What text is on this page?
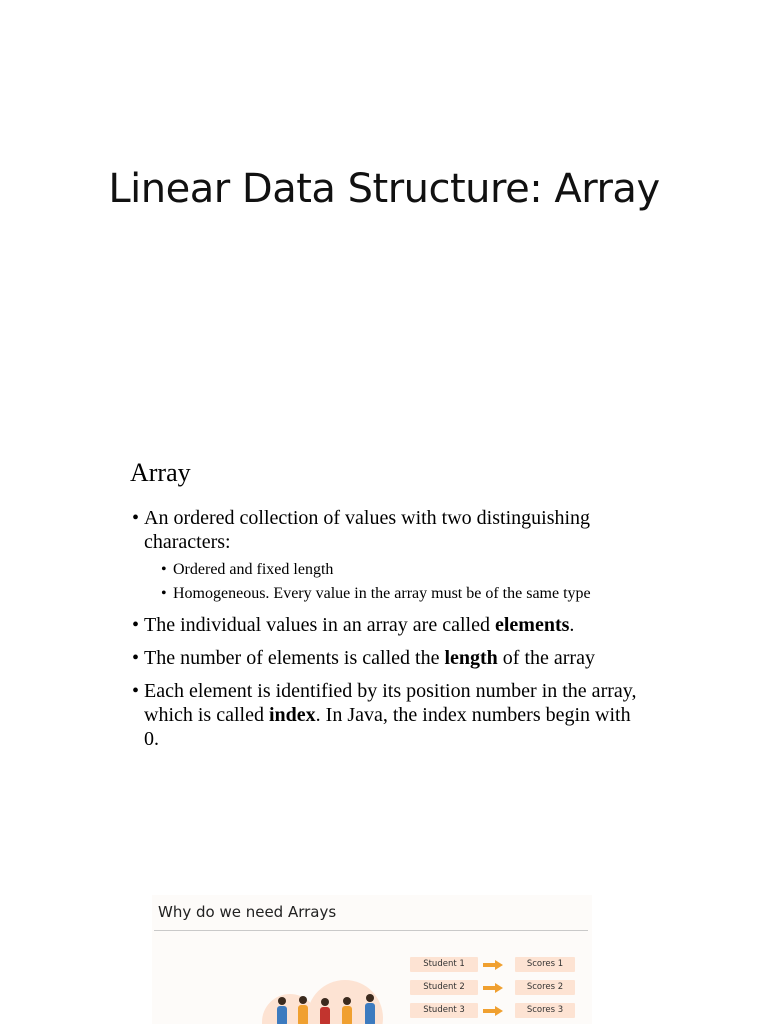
Linear Data Structure: Array
Array
• An ordered collection of values with two distinguishing characters:
• Ordered and fixed length
• Homogeneous. Every value in the array must be of the same type
• The individual values in an array are called elements.
• The number of elements is called the length of the array
• Each element is identified by its position number in the array, which is called index. In Java, the index numbers begin with 0.
Why do we need Arrays
Student 1	Scores 1
Student 2	Scores 2
Student 3	Scores 3
